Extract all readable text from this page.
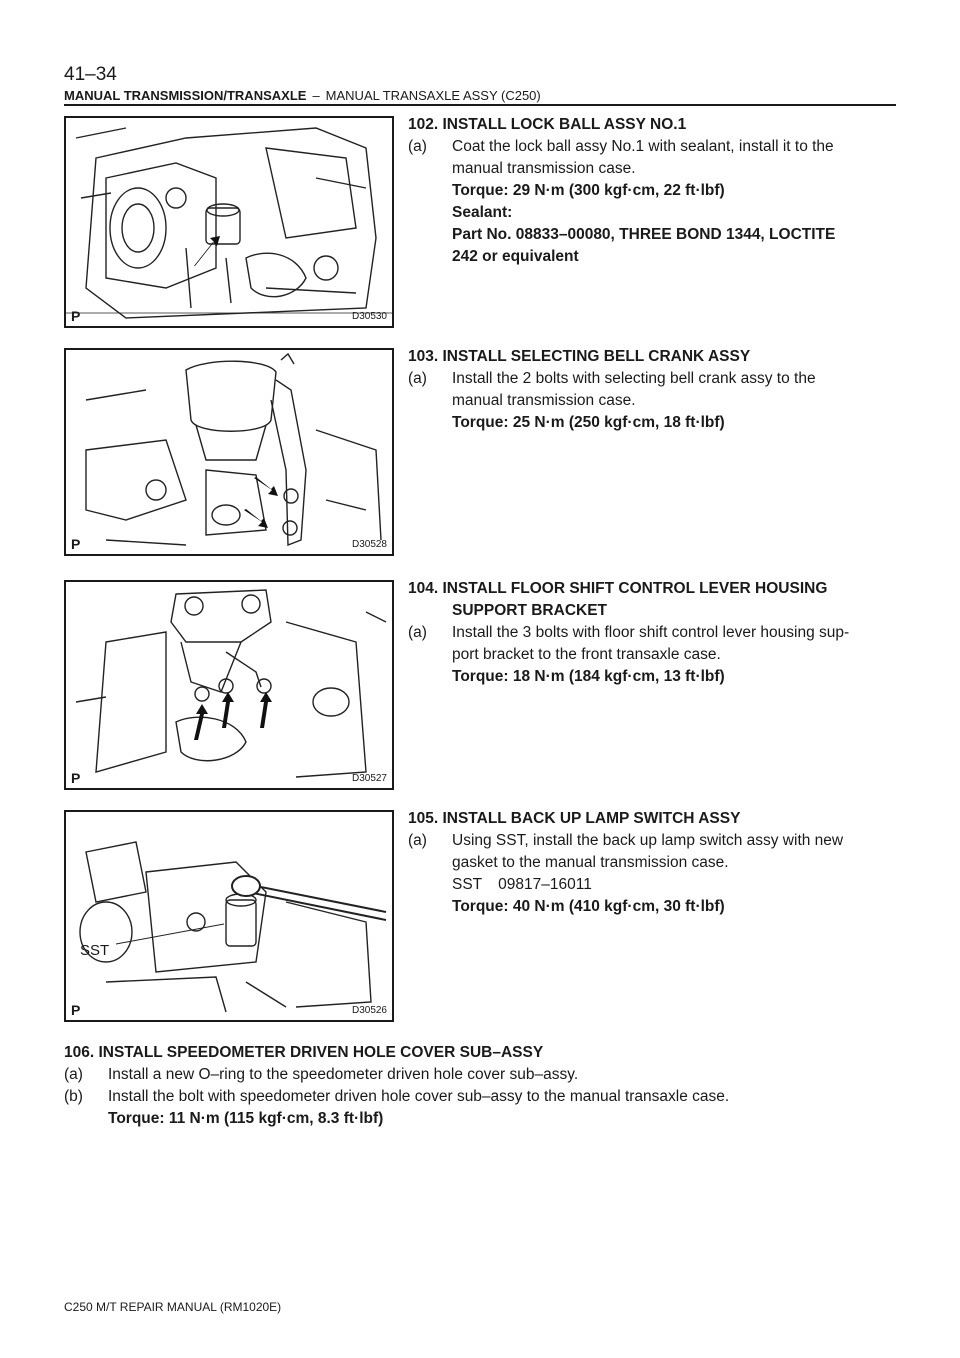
41–34
MANUAL TRANSMISSION/TRANSAXLE – MANUAL TRANSAXLE ASSY (C250)
P	D30530
P	D30528
P	D30527
SST
P	D30526
102. INSTALL LOCK BALL ASSY NO.1
(a) Coat the lock ball assy No.1 with sealant, install it to the
manual transmission case.
Torque: 29 N·m (300 kgf·cm, 22 ft·lbf)
Sealant:
Part No. 08833–00080, THREE BOND 1344, LOCTITE
242 or equivalent
103. INSTALL SELECTING BELL CRANK ASSY
(a) Install the 2 bolts with selecting bell crank assy to the
manual transmission case.
Torque: 25 N·m (250 kgf·cm, 18 ft·lbf)
104. INSTALL FLOOR SHIFT CONTROL LEVER HOUSING
SUPPORT BRACKET
(a) Install the 3 bolts with floor shift control lever housing sup-
port bracket to the front transaxle case.
Torque: 18 N·m (184 kgf·cm, 13 ft·lbf)
105. INSTALL BACK UP LAMP SWITCH ASSY
(a) Using SST, install the back up lamp switch assy with new
gasket to the manual transmission case.
SST 09817–16011
Torque: 40 N·m (410 kgf·cm, 30 ft·lbf)
106. INSTALL SPEEDOMETER DRIVEN HOLE COVER SUB–ASSY
(a) Install a new O–ring to the speedometer driven hole cover sub–assy.
(b) Install the bolt with speedometer driven hole cover sub–assy to the manual transaxle case.
Torque: 11 N·m (115 kgf·cm, 8.3 ft·lbf)
C250 M/T REPAIR MANUAL (RM1020E)
